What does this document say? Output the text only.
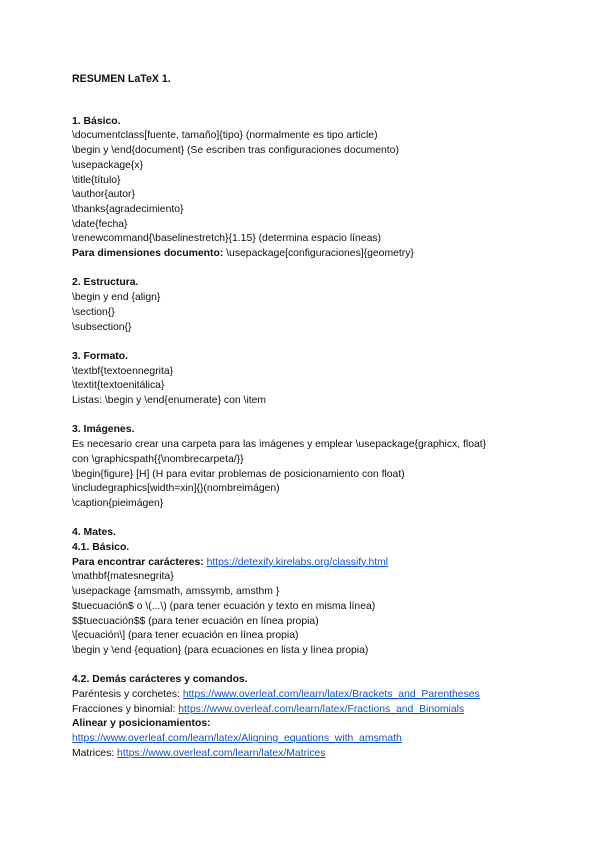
RESUMEN LaTeX 1.
1. Básico.
\documentclass[fuente, tamaño]{tipo} (normalmente es tipo article)
\begin y \end{document} (Se escriben tras configuraciones documento)
\usepackage{x}
\title{título}
\author{autor}
\thanks{agradecimiento}
\date{fecha}
\renewcommand{\baselinestretch}{1.15} (determina espacio líneas)
Para dimensiones documento: \usepackage[configuraciones]{geometry}
2. Estructura.
\begin y end {align}
\section{}
\subsection{}
3. Formato.
\textbf{textoennegrita}
\textit{textoenitálica}
Listas: \begin y \end{enumerate} con \item
3. Imágenes.
Es necesario crear una carpeta para las imágenes y emplear \usepackage{graphicx, float}
con \graphicspath{{\nombrecarpeta/}}
\begin{figure} [H] (H para evitar problemas de posicionamiento con float)
\includegraphics[width=xin]{}(nombreimágen)
\caption{pieimágen}
4. Mates.
4.1. Básico.
Para encontrar carácteres: https://detexify.kirelabs.org/classify.html
\mathbf{matesnegrita}
\usepackage {amsmath, amssymb, amsthm }
$tuecuación$ o \(...\) (para tener ecuación y texto en misma línea)
$$tuecuación$$ (para tener ecuación en línea propia)
\[ecuación\] (para tener ecuación en línea propia)
\begin y \end {equation} (para ecuaciones en lista y línea propia)
4.2. Demás carácteres y comandos.
Paréntesis y corchetes: https://www.overleaf.com/learn/latex/Brackets_and_Parentheses
Fracciones y binomial: https://www.overleaf.com/learn/latex/Fractions_and_Binomials
Alinear y posicionamientos:
https://www.overleaf.com/learn/latex/Aligning_equations_with_amsmath
Matrices: https://www.overleaf.com/learn/latex/Matrices
